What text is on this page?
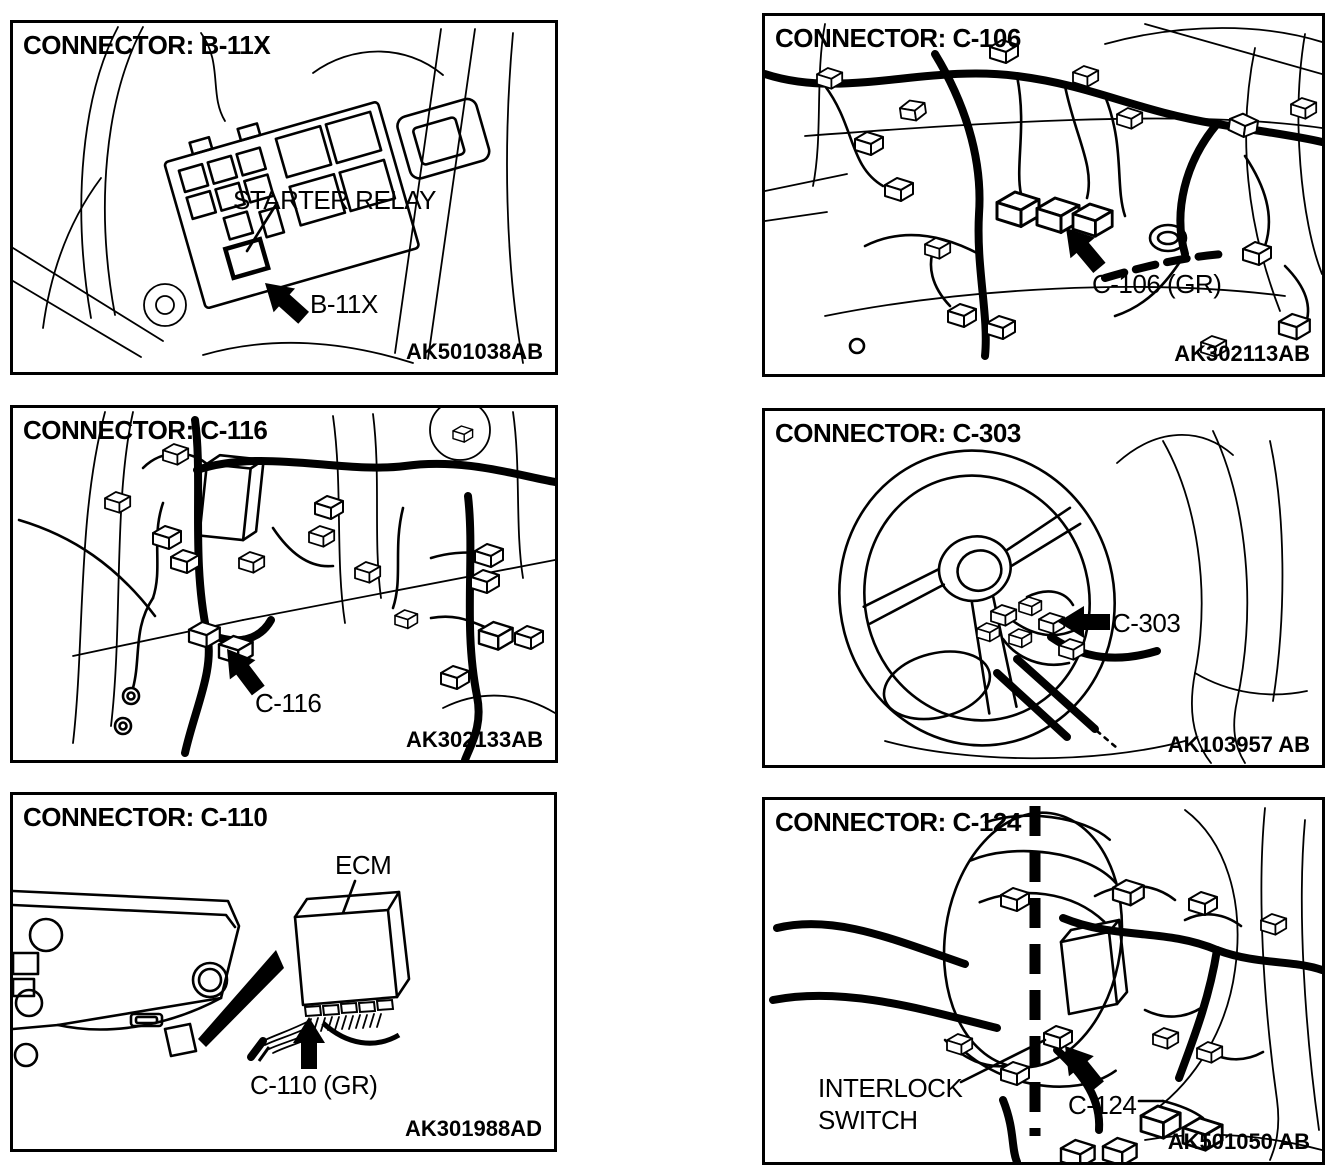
CONNECTOR: B-11X
STARTER RELAY
B-11X
AK501038AB
CONNECTOR: C-106
C-106 (GR)
AK302113AB
CONNECTOR: C-116
C-116
AK302133AB
CONNECTOR: C-303
C-303
AK103957 AB
CONNECTOR: C-110
ECM
C-110 (GR)
AK301988AD
CONNECTOR: C-124
INTERLOCK
SWITCH	C-124
AK501050 AB
